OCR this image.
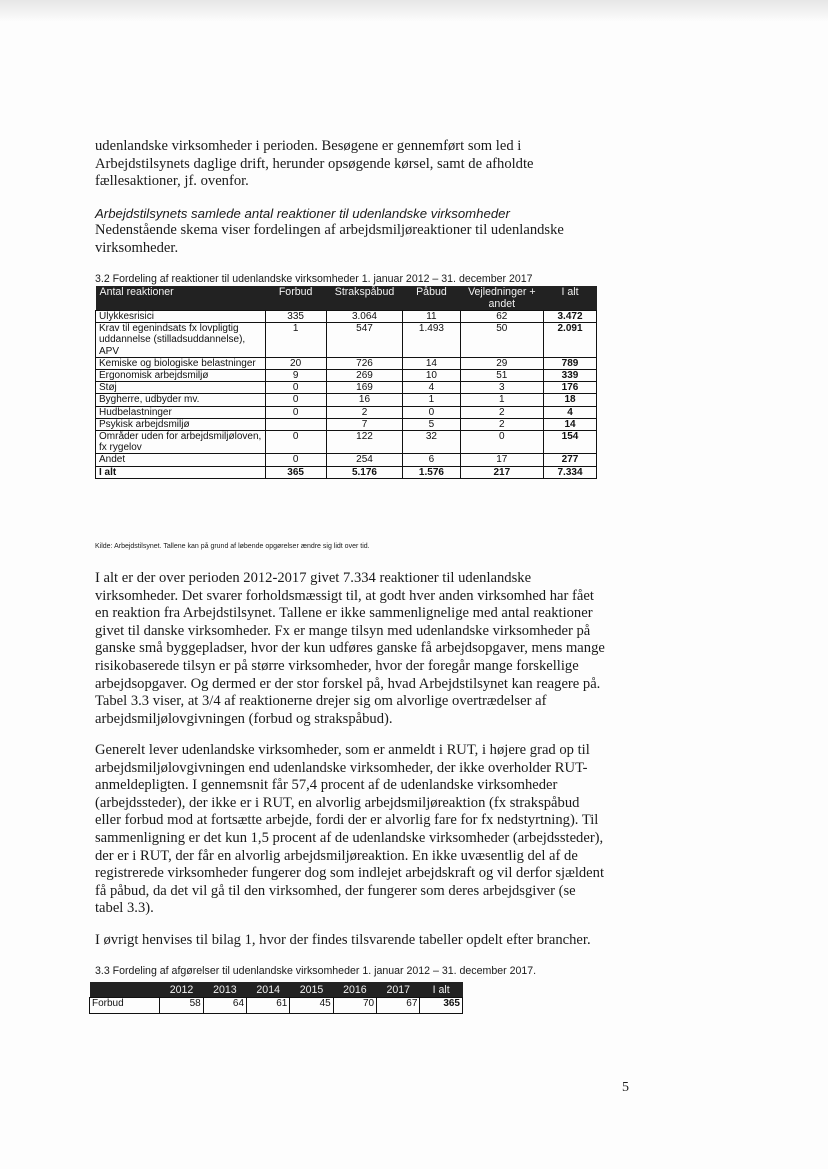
udenlandske virksomheder i perioden. Besøgene er gennemført som led i Arbejdstilsynets daglige drift, herunder opsøgende kørsel, samt de afholdte fællesaktioner, jf. ovenfor.

Arbejdstilsynets samlede antal reaktioner til udenlandske virksomheder

Nedenstående skema viser fordelingen af arbejdsmiljøreaktioner til udenlandske virksomheder.

3.2 Fordeling af reaktioner til udenlandske virksomheder 1. januar 2012 – 31. december 2017

Antal reaktioner	Forbud	Strakspåbud	Påbud	Vejledninger + andet	I alt
Ulykkesrisici	335	3.064	11	62	3.472
Krav til egenindsats fx lovpligtig uddannelse (stilladsuddannelse), APV	1	547	1.493	50	2.091
Kemiske og biologiske belastninger	20	726	14	29	789
Ergonomisk arbejdsmiljø	9	269	10	51	339
Støj	0	169	4	3	176
Bygherre, udbyder mv.	0	16	1	1	18
Hudbelastninger	0	2	0	2	4
Psykisk arbejdsmiljø		7	5	2	14
Områder uden for arbejdsmiljøloven, fx rygelov	0	122	32	0	154
Andet	0	254	6	17	277
I alt	365	5.176	1.576	217	7.334

Kilde: Arbejdstilsynet. Tallene kan på grund af løbende opgørelser ændre sig lidt over tid.

I alt er der over perioden 2012-2017 givet 7.334 reaktioner til udenlandske virksomheder. Det svarer forholdsmæssigt til, at godt hver anden virksomhed har fået en reaktion fra Arbejdstilsynet. Tallene er ikke sammenlignelige med antal reaktioner givet til danske virksomheder. Fx er mange tilsyn med udenlandske virksomheder på ganske små byggepladser, hvor der kun udføres ganske få arbejdsopgaver, mens mange risikobaserede tilsyn er på større virksomheder, hvor der foregår mange forskellige arbejdsopgaver. Og dermed er der stor forskel på, hvad Arbejdstilsynet kan reagere på. Tabel 3.3 viser, at 3/4 af reaktionerne drejer sig om alvorlige overtrædelser af arbejdsmiljølovgivningen (forbud og strakspåbud).

Generelt lever udenlandske virksomheder, som er anmeldt i RUT, i højere grad op til arbejdsmiljølovgivningen end udenlandske virksomheder, der ikke overholder RUT-anmeldepligten. I gennemsnit får 57,4 procent af de udenlandske virksomheder (arbejdssteder), der ikke er i RUT, en alvorlig arbejdsmiljøreaktion (fx strakspåbud eller forbud mod at fortsætte arbejde, fordi der er alvorlig fare for fx nedstyrtning). Til sammenligning er det kun 1,5 procent af de udenlandske virksomheder (arbejdssteder), der er i RUT, der får en alvorlig arbejdsmiljøreaktion. En ikke uvæsentlig del af de registrerede virksomheder fungerer dog som indlejet arbejdskraft og vil derfor sjældent få påbud, da det vil gå til den virksomhed, der fungerer som deres arbejdsgiver (se tabel 3.3).

I øvrigt henvises til bilag 1, hvor der findes tilsvarende tabeller opdelt efter brancher.

3.3 Fordeling af afgørelser til udenlandske virksomheder 1. januar 2012 – 31. december 2017.

	2012	2013	2014	2015	2016	2017	I alt
Forbud	58	64	61	45	70	67	365

5
